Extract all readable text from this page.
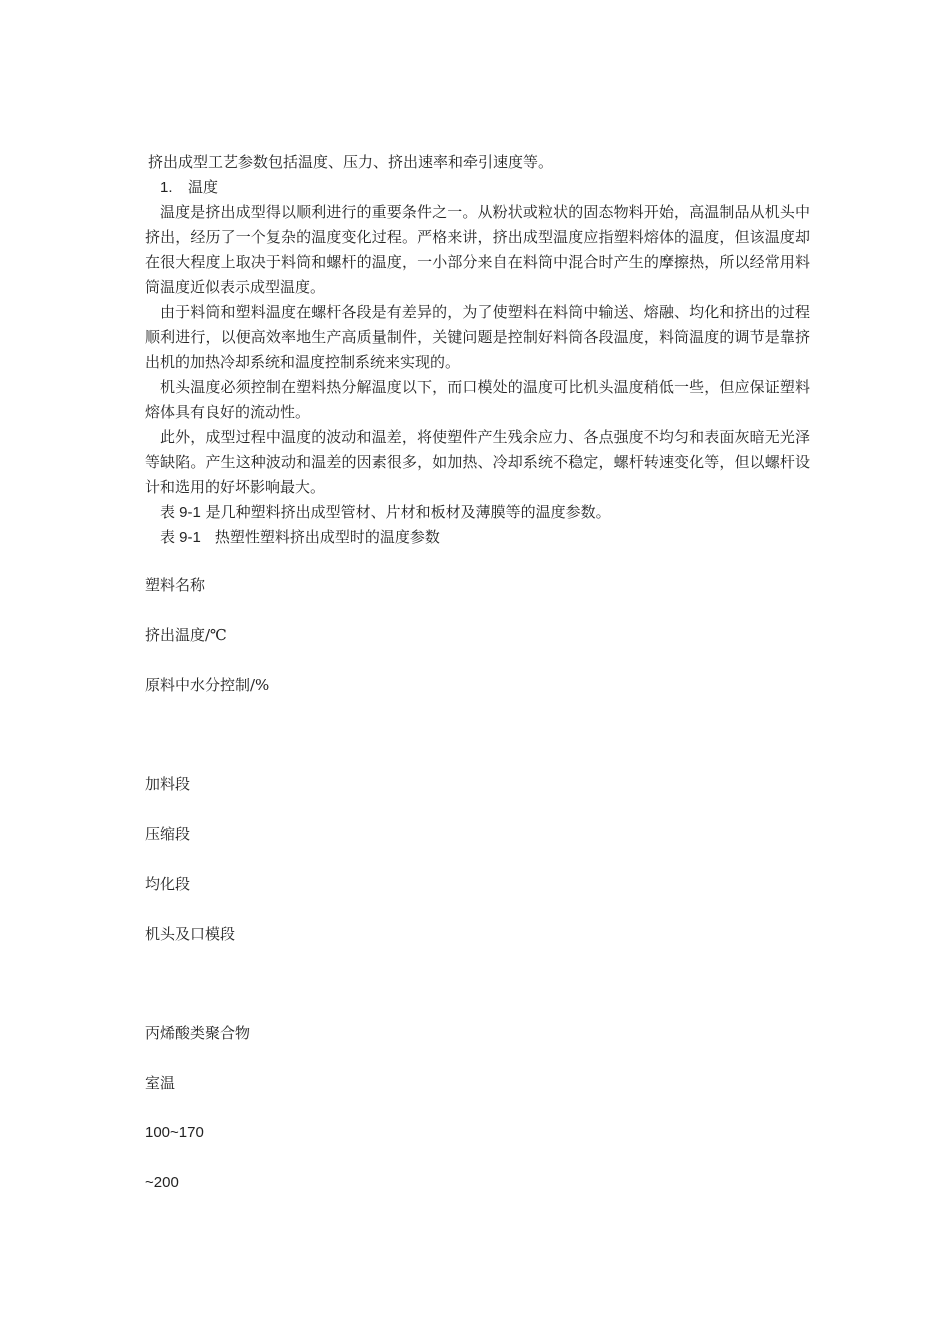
挤出成型工艺参数包括温度、压力、挤出速率和牵引速度等。

1. 温度

温度是挤出成型得以顺利进行的重要条件之一。从粉状或粒状的固态物料开始，高温制品从机头中挤出，经历了一个复杂的温度变化过程。严格来讲，挤出成型温度应指塑料熔体的温度，但该温度却在很大程度上取决于料筒和螺杆的温度，一小部分来自在料筒中混合时产生的摩擦热，所以经常用料筒温度近似表示成型温度。

由于料筒和塑料温度在螺杆各段是有差异的，为了使塑料在料筒中输送、熔融、均化和挤出的过程顺利进行，以便高效率地生产高质量制件，关键问题是控制好料筒各段温度，料筒温度的调节是靠挤出机的加热冷却系统和温度控制系统来实现的。

机头温度必须控制在塑料热分解温度以下，而口模处的温度可比机头温度稍低一些，但应保证塑料熔体具有良好的流动性。

此外，成型过程中温度的波动和温差，将使塑件产生残余应力、各点强度不均匀和表面灰暗无光泽等缺陷。产生这种波动和温差的因素很多，如加热、冷却系统不稳定，螺杆转速变化等，但以螺杆设计和选用的好坏影响最大。

表 9-1 是几种塑料挤出成型管材、片材和板材及薄膜等的温度参数。

表 9-1 热塑性塑料挤出成型时的温度参数

塑料名称
挤出温度/℃
原料中水分控制/%
加料段
压缩段
均化段
机头及口模段
丙烯酸类聚合物
室温
100~170
~200
